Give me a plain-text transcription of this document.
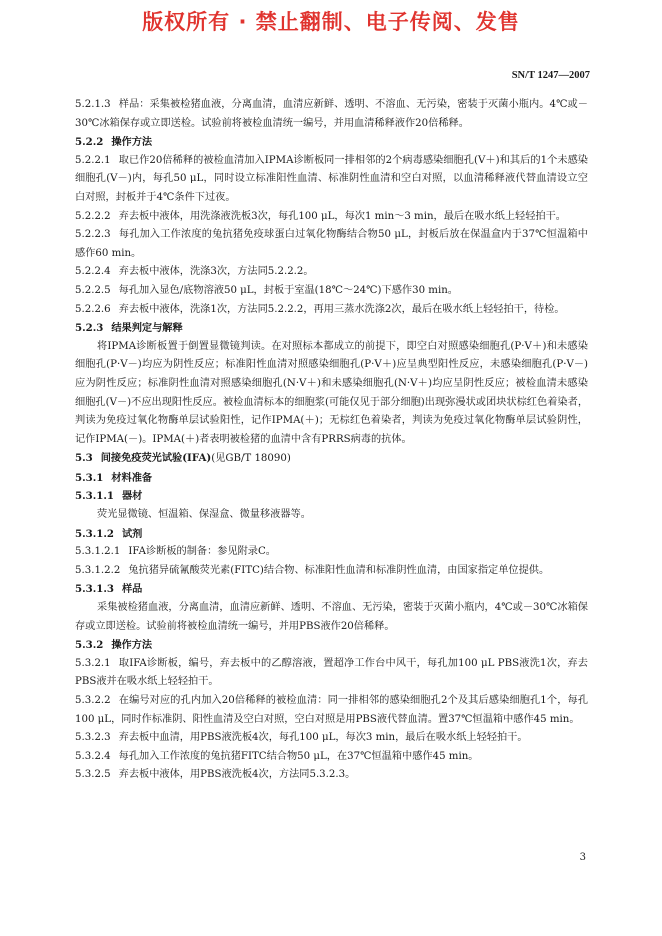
版权所有 · 禁止翻制、电子传阅、发售
SN/T 1247—2007

5.2.1.3 样品：采集被检猪血液，分离血清，血清应新鲜、透明、不溶血、无污染，密装于灭菌小瓶内。4℃或－30℃冰箱保存或立即送检。试验前将被检血清统一编号，并用血清稀释液作20倍稀释。

5.2.2 操作方法

5.2.2.1 取已作20倍稀释的被检血清加入IPMA诊断板同一排相邻的2个病毒感染细胞孔(V＋)和其后的1个未感染细胞孔(V－)内，每孔50 μL，同时设立标准阳性血清、标准阴性血清和空白对照，以血清稀释液代替血清设立空白对照，封板并于4℃条件下过夜。

5.2.2.2 弃去板中液体，用洗涤液洗板3次，每孔100 μL，每次1 min～3 min，最后在吸水纸上轻轻拍干。

5.2.2.3 每孔加入工作浓度的兔抗猪免疫球蛋白过氧化物酶结合物50 μL，封板后放在保温盒内于37℃恒温箱中感作60 min。

5.2.2.4 弃去板中液体，洗涤3次，方法同5.2.2.2。

5.2.2.5 每孔加入显色/底物溶液50 μL，封板于室温(18℃～24℃)下感作30 min。

5.2.2.6 弃去板中液体，洗涤1次，方法同5.2.2.2，再用三蒸水洗涤2次，最后在吸水纸上轻轻拍干，待检。

5.2.3 结果判定与解释

将IPMA诊断板置于倒置显微镜判读。在对照标本都成立的前提下，即空白对照感染细胞孔(P·V＋)和未感染细胞孔(P·V－)均应为阴性反应；标准阳性血清对照感染细胞孔(P·V＋)应呈典型阳性反应，未感染细胞孔(P·V－)应为阴性反应；标准阴性血清对照感染细胞孔(N·V＋)和未感染细胞孔(N·V＋)均应呈阴性反应；被检血清未感染细胞孔(V－)不应出现阳性反应。被检血清标本的细胞浆(可能仅见于部分细胞)出现弥漫状或团块状棕红色着染者，判读为免疫过氧化物酶单层试验阳性，记作IPMA(＋)；无棕红色着染者，判读为免疫过氧化物酶单层试验阴性，记作IPMA(－)。IPMA(＋)者表明被检猪的血清中含有PRRS病毒的抗体。

5.3 间接免疫荧光试验(IFA)(见GB/T 18090)

5.3.1 材料准备

5.3.1.1 器材

荧光显微镜、恒温箱、保湿盒、微量移液器等。

5.3.1.2 试剂

5.3.1.2.1 IFA诊断板的制备：参见附录C。

5.3.1.2.2 兔抗猪异硫氰酸荧光素(FITC)结合物、标准阳性血清和标准阴性血清，由国家指定单位提供。

5.3.1.3 样品

采集被检猪血液，分离血清，血清应新鲜、透明、不溶血、无污染，密装于灭菌小瓶内，4℃或－30℃冰箱保存或立即送检。试验前将被检血清统一编号，并用PBS液作20倍稀释。

5.3.2 操作方法

5.3.2.1 取IFA诊断板，编号，弃去板中的乙醇溶液，置超净工作台中风干，每孔加100 μL PBS液洗1次，弃去PBS液并在吸水纸上轻轻拍干。

5.3.2.2 在编号对应的孔内加入20倍稀释的被检血清：同一排相邻的感染细胞孔2个及其后感染细胞孔1个，每孔100 μL，同时作标准阴、阳性血清及空白对照，空白对照是用PBS液代替血清。置37℃恒温箱中感作45 min。

5.3.2.3 弃去板中血清，用PBS液洗板4次，每孔100 μL，每次3 min，最后在吸水纸上轻轻拍干。

5.3.2.4 每孔加入工作浓度的兔抗猪FITC结合物50 μL，在37℃恒温箱中感作45 min。

5.3.2.5 弃去板中液体，用PBS液洗板4次，方法同5.3.2.3。

3
